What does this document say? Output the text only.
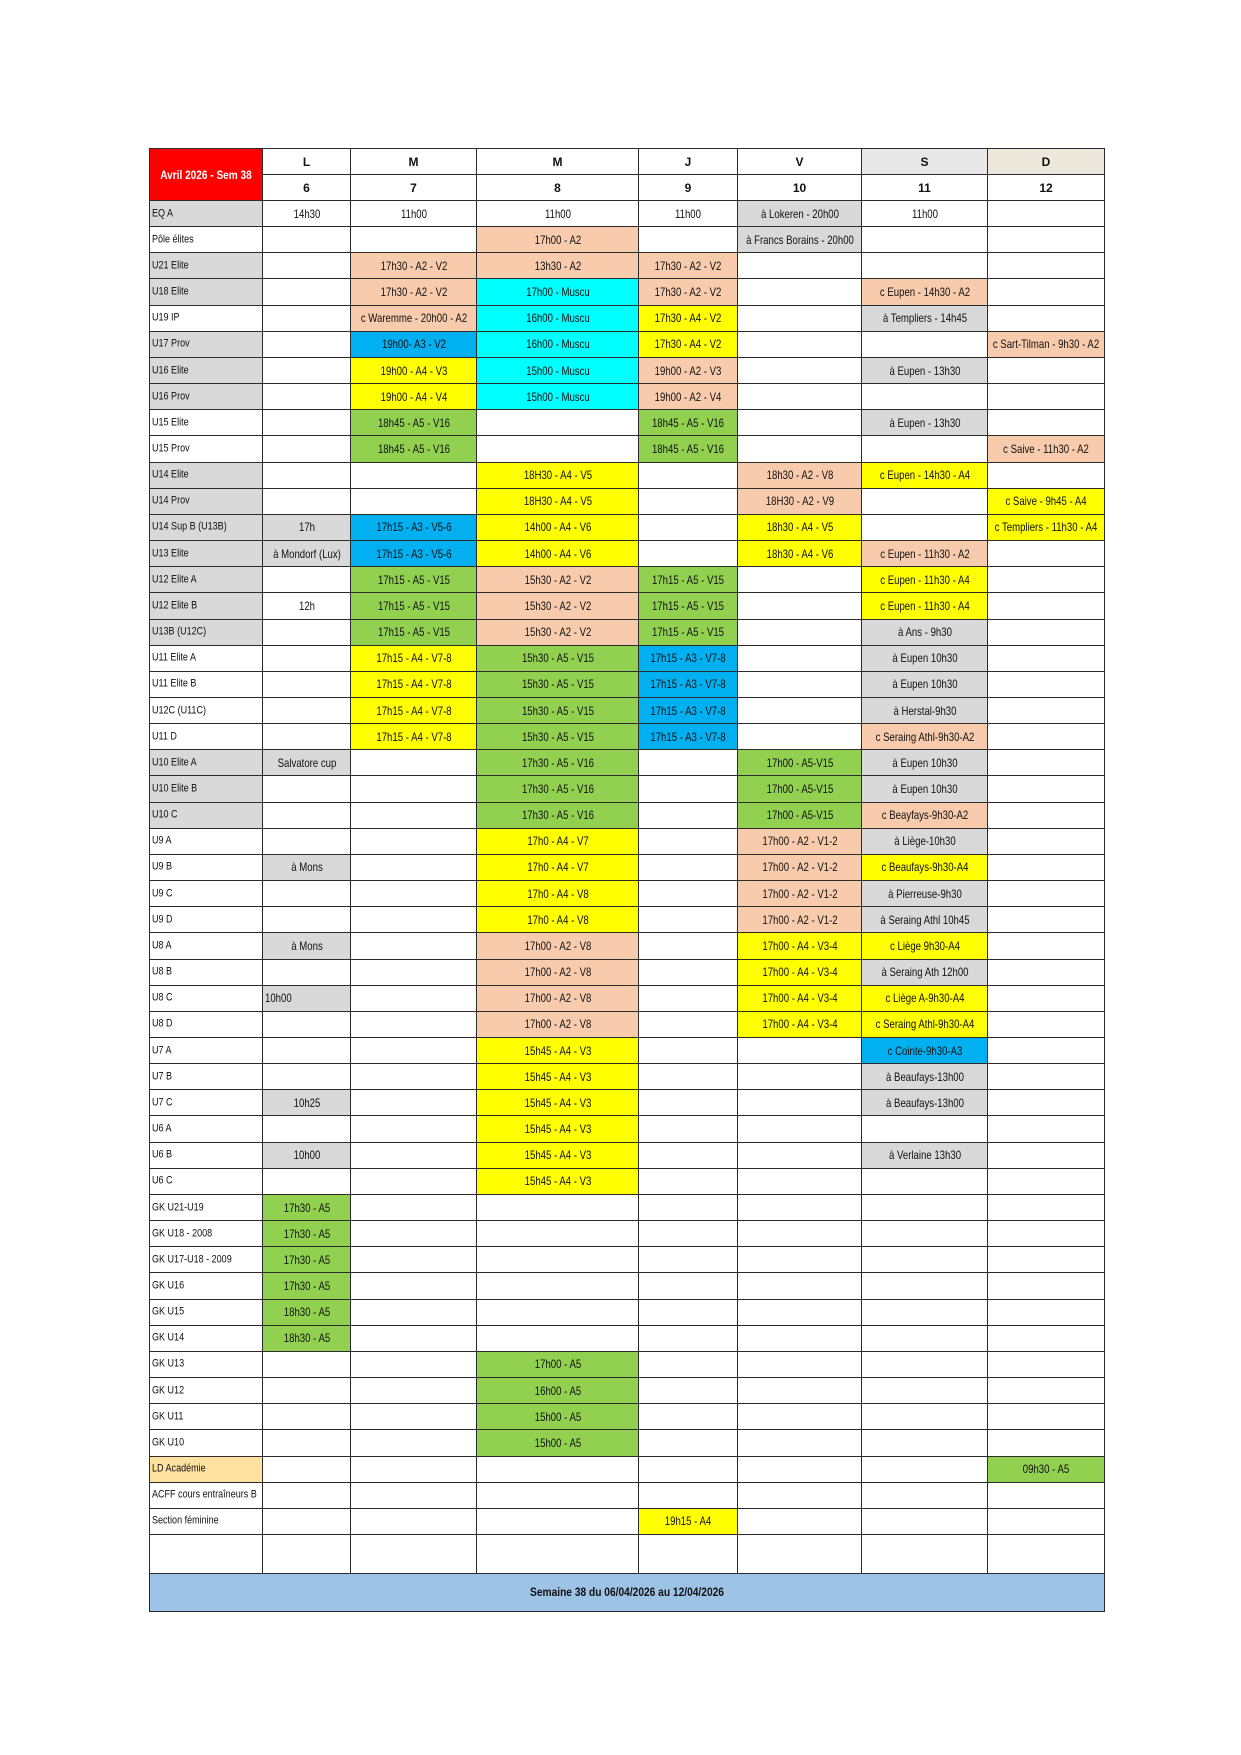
Avril 2026 - Sem 38	L	M	M	J	V	S	D

	6	7	8	9	10	11	12

EQ A	14h30	11h00	11h00	11h00	à Lokeren - 20h00	11h00	

Pôle élites			17h00 - A2		à Francs Borains - 20h00		

U21 Elite		17h30 - A2 - V2	13h30 - A2	17h30 - A2 - V2			

U18 Elite		17h30 - A2 - V2	17h00 - Muscu	17h30 - A2 - V2		c Eupen - 14h30 - A2	

U19 IP		c Waremme - 20h00 - A2	16h00 - Muscu	17h30 - A4 - V2		à Templiers - 14h45	

U17 Prov		19h00- A3 - V2	16h00 - Muscu	17h30 - A4 - V2			c Sart-Tilman - 9h30 - A2

U16 Elite		19h00 - A4 - V3	15h00 - Muscu	19h00 - A2 - V3		à Eupen - 13h30	

U16 Prov		19h00 - A4 - V4	15h00 - Muscu	19h00 - A2 - V4			

U15 Elite		18h45 - A5 - V16		18h45 - A5 - V16		à Eupen - 13h30	

U15 Prov		18h45 - A5 - V16		18h45 - A5 - V16			c Saive - 11h30 - A2

U14 Elite			18H30 - A4 - V5		18h30 - A2 - V8	c Eupen - 14h30 - A4	

U14 Prov			18H30 - A4 - V5		18H30 - A2 - V9		c Saive - 9h45 - A4

U14 Sup B (U13B)	17h	17h15 - A3 - V5-6	14h00 - A4 - V6		18h30 - A4 - V5		c Templiers - 11h30 - A4

U13 Elite	à Mondorf (Lux)	17h15 - A3 - V5-6	14h00 - A4 - V6		18h30 - A4 - V6	c Eupen - 11h30 - A2	

U12 Elite A		17h15 - A5 - V15	15h30 - A2 - V2	17h15 - A5 - V15		c Eupen - 11h30 - A4	

U12 Elite B	12h	17h15 - A5 - V15	15h30 - A2 - V2	17h15 - A5 - V15		c Eupen - 11h30 - A4	

U13B (U12C)		17h15 - A5 - V15	15h30 - A2 - V2	17h15 - A5 - V15		à Ans - 9h30	

U11 Elite A		17h15 - A4 - V7-8	15h30 - A5 - V15	17h15 - A3 - V7-8		à Eupen 10h30	

U11 Elite B		17h15 - A4 - V7-8	15h30 - A5 - V15	17h15 - A3 - V7-8		à Eupen 10h30	

U12C (U11C)		17h15 - A4 - V7-8	15h30 - A5 - V15	17h15 - A3 - V7-8		à Herstal-9h30	

U11 D		17h15 - A4 - V7-8	15h30 - A5 - V15	17h15 - A3 - V7-8		c Seraing Athl-9h30-A2	

U10 Elite A	Salvatore cup		17h30 - A5 - V16		17h00 - A5-V15	à Eupen 10h30	

U10 Elite B			17h30 - A5 - V16		17h00 - A5-V15	à Eupen 10h30	

U10 C			17h30 - A5 - V16		17h00 - A5-V15	c Beayfays-9h30-A2	

U9 A			17h0 - A4 - V7		17h00 - A2 - V1-2	à Liège-10h30	

U9 B	à Mons		17h0 - A4 - V7		17h00 - A2 - V1-2	c Beaufays-9h30-A4	

U9 C			17h0 - A4 - V8		17h00 - A2 - V1-2	à Pierreuse-9h30	

U9 D			17h0 - A4 - V8		17h00 - A2 - V1-2	à Seraing Athl 10h45	

U8 A	à Mons		17h00 - A2 - V8		17h00 - A4 - V3-4	c Liège 9h30-A4	

U8 B			17h00 - A2 - V8		17h00 - A4 - V3-4	à Seraing Ath 12h00	

U8 C	10h00		17h00 - A2 - V8		17h00 - A4 - V3-4	c Liège A-9h30-A4	

U8 D			17h00 - A2 - V8		17h00 - A4 - V3-4	c Seraing Athl-9h30-A4	

U7 A			15h45 - A4 - V3			c Cointe-9h30-A3	

U7 B			15h45 - A4 - V3			à Beaufays-13h00	

U7 C	10h25		15h45 - A4 - V3			à Beaufays-13h00	

U6 A			15h45 - A4 - V3				

U6 B	10h00		15h45 - A4 - V3			à Verlaine 13h30	

U6 C			15h45 - A4 - V3				

GK U21-U19	17h30 - A5						

GK U18 - 2008	17h30 - A5						

GK U17-U18 - 2009	17h30 - A5						

GK U16	17h30 - A5						

GK U15	18h30 - A5						

GK U14	18h30 - A5						

GK U13			17h00 - A5				

GK U12			16h00 - A5				

GK U11			15h00 - A5				

GK U10			15h00 - A5				

LD Académie							09h30 - A5

ACFF cours entraîneurs B							

Section féminine				19h15 - A4			

Semaine 38 du 06/04/2026 au 12/04/2026							
